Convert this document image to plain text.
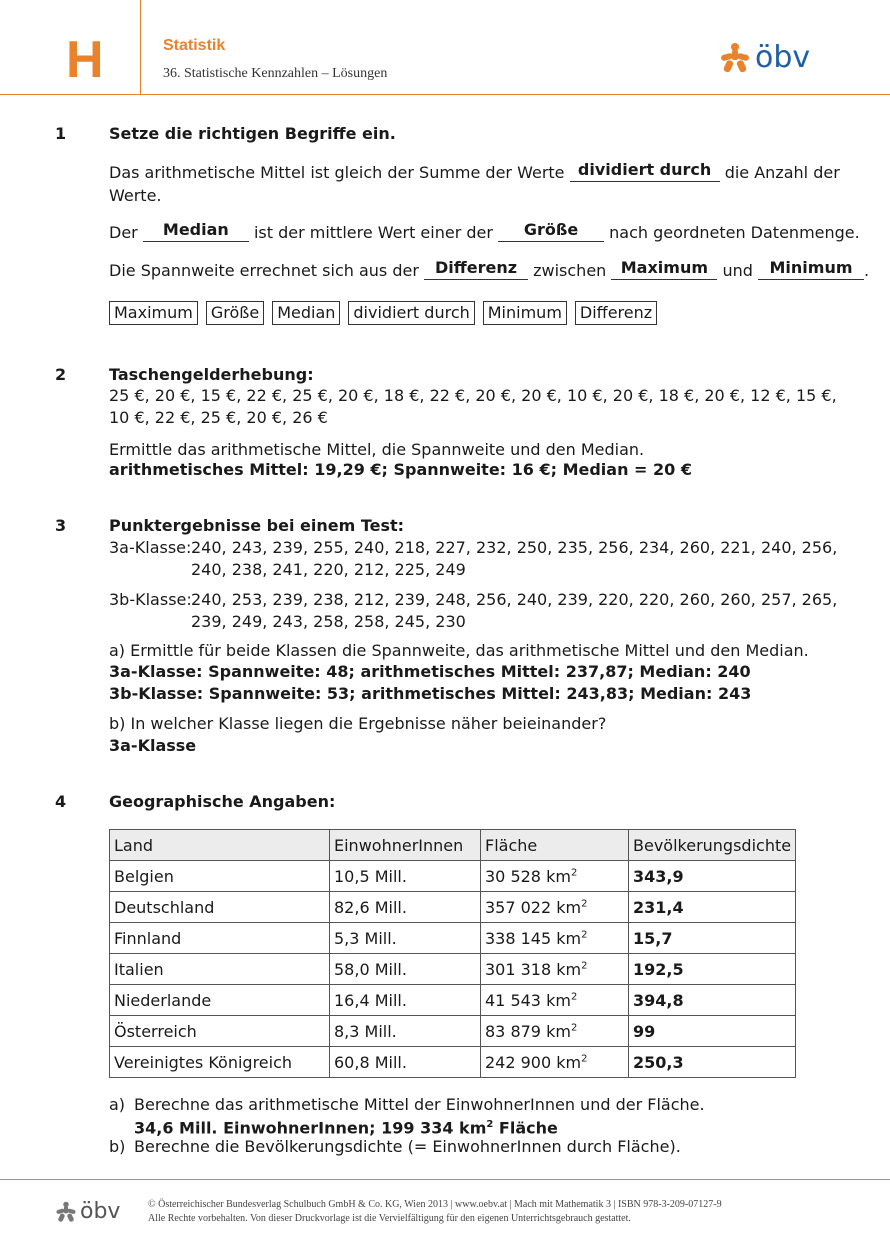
H	Statistik
36. Statistische Kennzahlen – Lösungen	öbv
1	Setze die richtigen Begriffe ein.
Das arithmetische Mittel ist gleich der Summe der Werte dividiert durch die Anzahl der
Werte.
Der Median ist der mittlere Wert einer der Größe nach geordneten Datenmenge.
Die Spannweite errechnet sich aus der Differenz zwischen Maximum und Minimum .
Maximum Größe Median dividiert durch Minimum Differenz
2	Taschengelderhebung:
25 €, 20 €, 15 €, 22 €, 25 €, 20 €, 18 €, 22 €, 20 €, 20 €, 10 €, 20 €, 18 €, 20 €, 12 €, 15 €,
10 €, 22 €, 25 €, 20 €, 26 €
Ermittle das arithmetische Mittel, die Spannweite und den Median.
arithmetisches Mittel: 19,29 €; Spannweite: 16 €; Median = 20 €
3	Punktergebnisse bei einem Test:
3a-Klasse: 240, 243, 239, 255, 240, 218, 227, 232, 250, 235, 256, 234, 260, 221, 240, 256,
240, 238, 241, 220, 212, 225, 249
3b-Klasse: 240, 253, 239, 238, 212, 239, 248, 256, 240, 239, 220, 220, 260, 260, 257, 265,
239, 249, 243, 258, 258, 245, 230
a) Ermittle für beide Klassen die Spannweite, das arithmetische Mittel und den Median.
3a-Klasse: Spannweite: 48; arithmetisches Mittel: 237,87; Median: 240
3b-Klasse: Spannweite: 53; arithmetisches Mittel: 243,83; Median: 243
b) In welcher Klasse liegen die Ergebnisse näher beieinander?
3a-Klasse
4	Geographische Angaben:
Land	EinwohnerInnen	Fläche	Bevölkerungsdichte
Belgien	10,5 Mill.	30 528 $km^2$	343,9
Deutschland	82,6 Mill.	357 022 $km^2$	231,4
Finnland	5,3 Mill.	338 145 $km^2$	15,7
Italien	58,0 Mill.	301 318 $km^2$	192,5
Niederlande	16,4 Mill.	41 543 $km^2$	394,8
Österreich	8,3 Mill.	83 879 $km^2$	99
Vereinigtes Königreich	60,8 Mill.	242 900 $km^2$	250,3
a) Berechne das arithmetische Mittel der EinwohnerInnen und der Fläche.
34,6 Mill. EinwohnerInnen; 199 334 $km^2$ Fläche
b) Berechne die Bevölkerungsdichte (= EinwohnerInnen durch Fläche).
öbv	© Österreichischer Bundesverlag Schulbuch GmbH & Co. KG, Wien 2013 | www.oebv.at | Mach mit Mathematik 3 | ISBN 978-3-209-07127-9
Alle Rechte vorbehalten. Von dieser Druckvorlage ist die Vervielfältigung für den eigenen Unterrichtsgebrauch gestattet.
